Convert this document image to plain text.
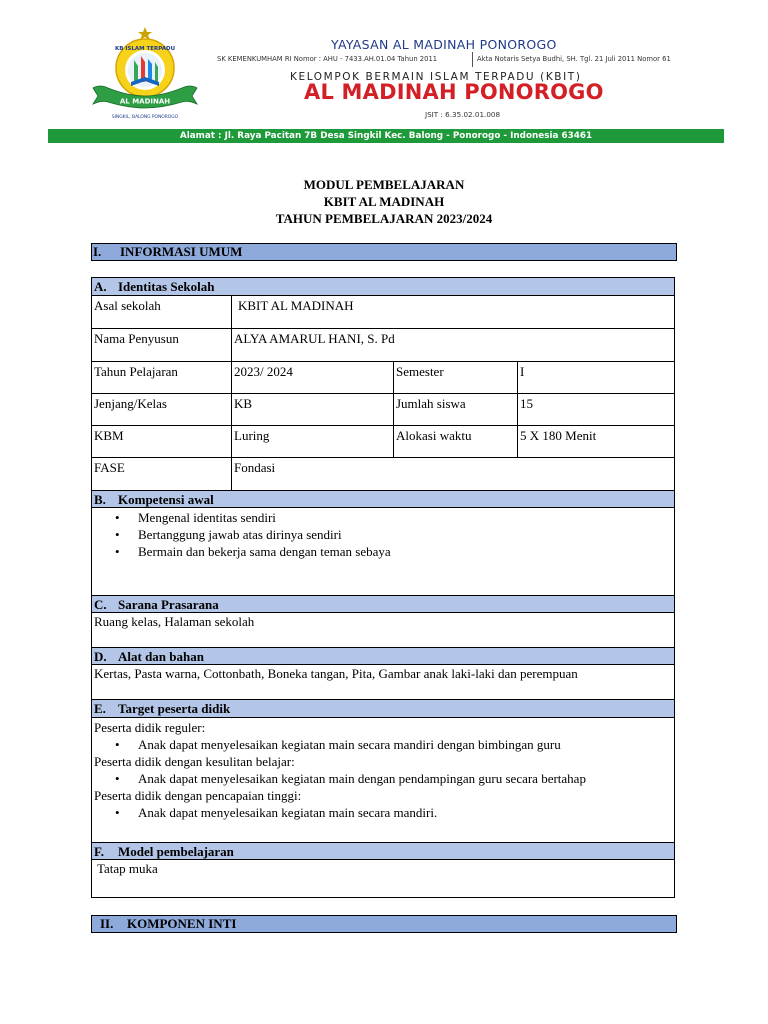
KB ISLAM TERPADU
AL MADINAH
SINGKIL, BALONG PONOROGO
YAYASAN AL MADINAH PONOROGO
SK KEMENKUMHAM RI Nomor : AHU - 7433.AH.01.04 Tahun 2011	Akta Notaris Setya Budhi, SH. Tgl. 21 Juli 2011 Nomor 61
KELOMPOK BERMAIN ISLAM TERPADU (KBIT)
AL MADINAH PONOROGO
JSIT : 6.35.02.01.008
Alamat : Jl. Raya Pacitan 7B Desa Singkil Kec. Balong - Ponorogo - Indonesia 63461
MODUL PEMBELAJARAN
KBIT AL MADINAH
TAHUN PEMBELAJARAN 2023/2024
I. INFORMASI UMUM
A. Identitas Sekolah
Asal sekolah	KBIT AL MADINAH
Nama Penyusun	ALYA AMARUL HANI, S. Pd
Tahun Pelajaran	2023/ 2024	Semester	I
Jenjang/Kelas	KB	Jumlah siswa	15
KBM	Luring	Alokasi waktu	5 X 180 Menit
FASE	Fondasi
B. Kompetensi awal
• Mengenal identitas sendiri
• Bertanggung jawab atas dirinya sendiri
• Bermain dan bekerja sama dengan teman sebaya
C. Sarana Prasarana
Ruang kelas, Halaman sekolah
D. Alat dan bahan
Kertas, Pasta warna, Cottonbath, Boneka tangan, Pita, Gambar anak laki-laki dan perempuan
E. Target peserta didik
Peserta didik reguler:
• Anak dapat menyelesaikan kegiatan main secara mandiri dengan bimbingan guru
Peserta didik dengan kesulitan belajar:
• Anak dapat menyelesaikan kegiatan main dengan pendampingan guru secara bertahap
Peserta didik dengan pencapaian tinggi:
• Anak dapat menyelesaikan kegiatan main secara mandiri.
F. Model pembelajaran
Tatap muka
II. KOMPONEN INTI
